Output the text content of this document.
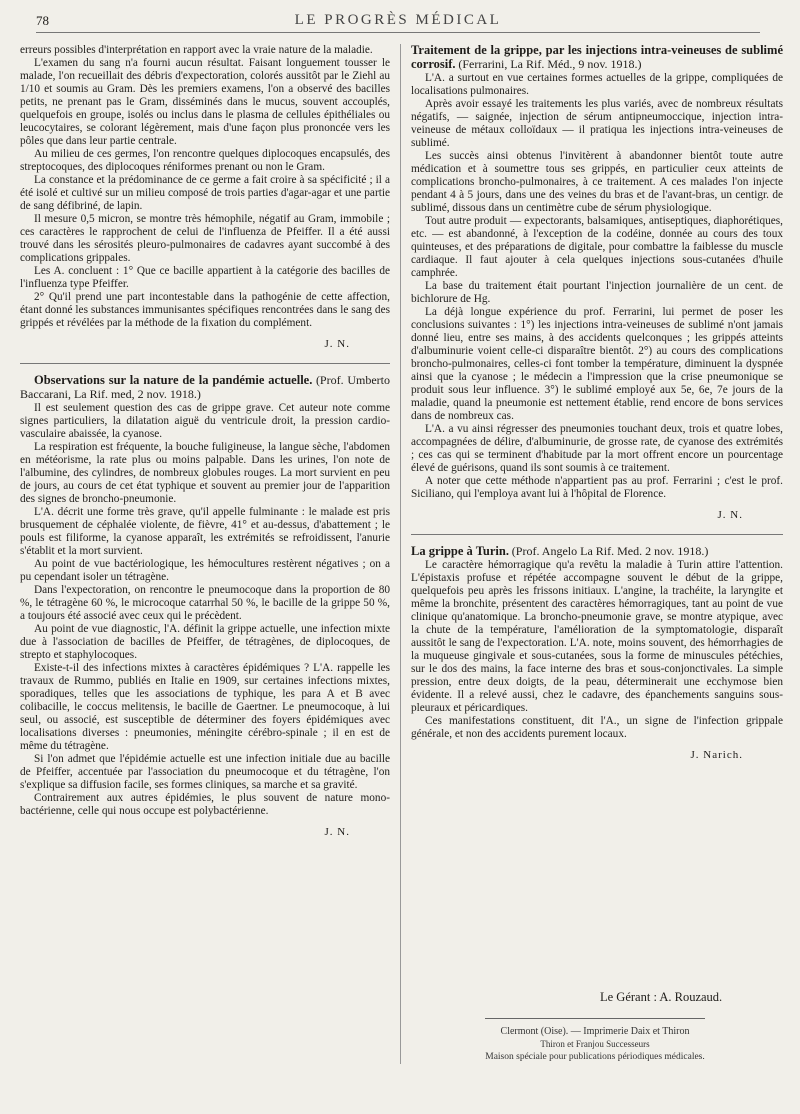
78	LE PROGRÈS MÉDICAL

erreurs possibles d'interprétation en rapport avec la vraie nature de la maladie.

L'examen du sang n'a fourni aucun résultat. Faisant longuement tousser le malade, l'on recueillait des débris d'expectoration, colorés aussitôt par le Ziehl au 1/10 et soumis au Gram. Dès les premiers examens, l'on a observé des bacilles petits, ne prenant pas le Gram, disséminés dans le mucus, souvent accouplés, quelquefois en groupe, isolés ou inclus dans le plasma de cellules épithéliales ou leucocytaires, se colorant légèrement, mais d'une façon plus prononcée vers les pôles que dans leur partie centrale.

Au milieu de ces germes, l'on rencontre quelques diplocoques encapsulés, des streptocoques, des diplocoques réniformes prenant ou non le Gram.

La constance et la prédominance de ce germe a fait croire à sa spécificité ; il a été isolé et cultivé sur un milieu composé de trois parties d'agar-agar et une partie de sang défibriné, de lapin.

Il mesure 0,5 micron, se montre très hémophile, négatif au Gram, immobile ; ces caractères le rapprochent de celui de l'influenza de Pfeiffer. Il a été aussi trouvé dans les sérosités pleuro-pulmonaires de cadavres ayant succombé à des complications grippales.

Les A. concluent : 1° Que ce bacille appartient à la catégorie des bacilles de l'influenza type Pfeiffer.

2° Qu'il prend une part incontestable dans la pathogénie de cette affection, étant donné les substances immunisantes spécifiques rencontrées dans le sang des grippés et révélées par la méthode de la fixation du complément.

J. N.

Observations sur la nature de la pandémie actuelle. (Prof. Umberto Baccarani, La Rif. med, 2 nov. 1918.)

Il est seulement question des cas de grippe grave. Cet auteur note comme signes particuliers, la dilatation aiguë du ventricule droit, la pression cardio-vasculaire abaissée, la cyanose.

La respiration est fréquente, la bouche fuligineuse, la langue sèche, l'abdomen en météorisme, la rate plus ou moins palpable. Dans les urines, l'on note de l'albumine, des cylindres, de nombreux globules rouges. La mort survient en peu de jours, au cours de cet état typhique et souvent au premier jour de l'apparition des signes de broncho-pneumonie.

L'A. décrit une forme très grave, qu'il appelle fulminante : le malade est pris brusquement de céphalée violente, de fièvre, 41° et au-dessus, d'abattement ; le pouls est filiforme, la cyanose apparaît, les extrémités se refroidissent, l'anurie s'établit et la mort survient.

Au point de vue bactériologique, les hémocultures restèrent négatives ; on a pu cependant isoler un tétragène.

Dans l'expectoration, on rencontre le pneumocoque dans la proportion de 80 %, le tétragène 60 %, le microcoque catarrhal 50 %, le bacille de la grippe 50 %, a toujours été associé avec ceux qui le précèdent.

Au point de vue diagnostic, l'A. définit la grippe actuelle, une infection mixte due à l'association de bacilles de Pfeiffer, de tétragènes, de diplocoques, de strepto et staphylocoques.

Existe-t-il des infections mixtes à caractères épidémiques ? L'A. rappelle les travaux de Rummo, publiés en Italie en 1909, sur certaines infections mixtes, sporadiques, telles que les associations de typhique, les para A et B avec colibacille, le coccus melitensis, le bacille de Gaertner. Le pneumocoque, à lui seul, ou associé, est susceptible de déterminer des foyers épidémiques avec localisations diverses : pneumonies, méningite cérébro-spinale ; il en est de même du tétragène.

Si l'on admet que l'épidémie actuelle est une infection initiale due au bacille de Pfeiffer, accentuée par l'association du pneumocoque et du tétragène, l'on s'explique sa diffusion facile, ses formes cliniques, sa marche et sa gravité.

Contrairement aux autres épidémies, le plus souvent de nature mono-bactérienne, celle qui nous occupe est polybactérienne.

J. N.

Traitement de la grippe, par les injections intra-veineuses de sublimé corrosif. (Ferrarini, La Rif. Méd., 9 nov. 1918.)

L'A. a surtout en vue certaines formes actuelles de la grippe, compliquées de localisations pulmonaires.

Après avoir essayé les traitements les plus variés, avec de nombreux résultats négatifs, — saignée, injection de sérum antipneumoccique, injection intra-veineuse de métaux colloïdaux — il pratiqua les injections intra-veineuses de sublimé.

Les succès ainsi obtenus l'invitèrent à abandonner bientôt toute autre médication et à soumettre tous ses grippés, en particulier ceux atteints de complications broncho-pulmonaires, à ce traitement. A ces malades l'on injecte pendant 4 à 5 jours, dans une des veines du bras et de l'avant-bras, un centigr. de sublimé, dissous dans un centimètre cube de sérum physiologique.

Tout autre produit — expectorants, balsamiques, antiseptiques, diaphorétiques, etc. — est abandonné, à l'exception de la codéine, donnée au cours des toux quinteuses, et des préparations de digitale, pour combattre la faiblesse du muscle cardiaque. Il faut ajouter à cela quelques injections sous-cutanées d'huile camphrée.

La base du traitement était pourtant l'injection journalière de un cent. de bichlorure de Hg.

La déjà longue expérience du prof. Ferrarini, lui permet de poser les conclusions suivantes : 1°) les injections intra-veineuses de sublimé n'ont jamais donné lieu, entre ses mains, à des accidents quelconques ; les grippés atteints d'albuminurie voient celle-ci disparaître bientôt. 2°) au cours des complications broncho-pulmonaires, celles-ci font tomber la température, diminuent la dyspnée ainsi que la cyanose ; le médecin a l'impression que la crise pneumonique se produit sous leur influence. 3°) le sublimé employé aux 5e, 6e, 7e jours de la maladie, quand la pneumonie est nettement établie, rend encore de bons services dans de nombreux cas.

L'A. a vu ainsi régresser des pneumonies touchant deux, trois et quatre lobes, accompagnées de délire, d'albuminurie, de grosse rate, de cyanose des extrémités ; ces cas qui se terminent d'habitude par la mort offrent encore un pourcentage élevé de guérisons, quand ils sont soumis à ce traitement.

A noter que cette méthode n'appartient pas au prof. Ferrarini ; c'est le prof. Siciliano, qui l'employa avant lui à l'hôpital de Florence.

J. N.

La grippe à Turin. (Prof. Angelo La Rif. Med. 2 nov. 1918.)

Le caractère hémorragique qu'a revêtu la maladie à Turin attire l'attention. L'épistaxis profuse et répétée accompagne souvent le début de la grippe, quelquefois peu après les frissons initiaux. L'angine, la trachéite, la laryngite et même la bronchite, présentent des caractères hémorragiques, tant au point de vue clinique qu'anatomique. La broncho-pneumonie grave, se montre atypique, avec la chute de la température, l'amélioration de la symptomatologie, disparaît aussitôt le sang de l'expectoration. L'A. note, moins souvent, des hémorrhagies de la muqueuse gingivale et sous-cutanées, sous la forme de minuscules pétéchies, sur le dos des mains, la face interne des bras et sous-conjonctivales. La simple pression, entre deux doigts, de la peau, déterminerait une ecchymose bien évidente. Il a relevé aussi, chez le cadavre, des épanchements sanguins sous-pleuraux et péricardiques.

Ces manifestations constituent, dit l'A., un signe de l'infection grippale générale, et non des accidents purement locaux.

J. Narich.
Le Gérant : A. Rouzaud.
Clermont (Oise). — Imprimerie Daix et Thiron
Thiron et Franjou Successeurs
Maison spéciale pour publications périodiques médicales.
